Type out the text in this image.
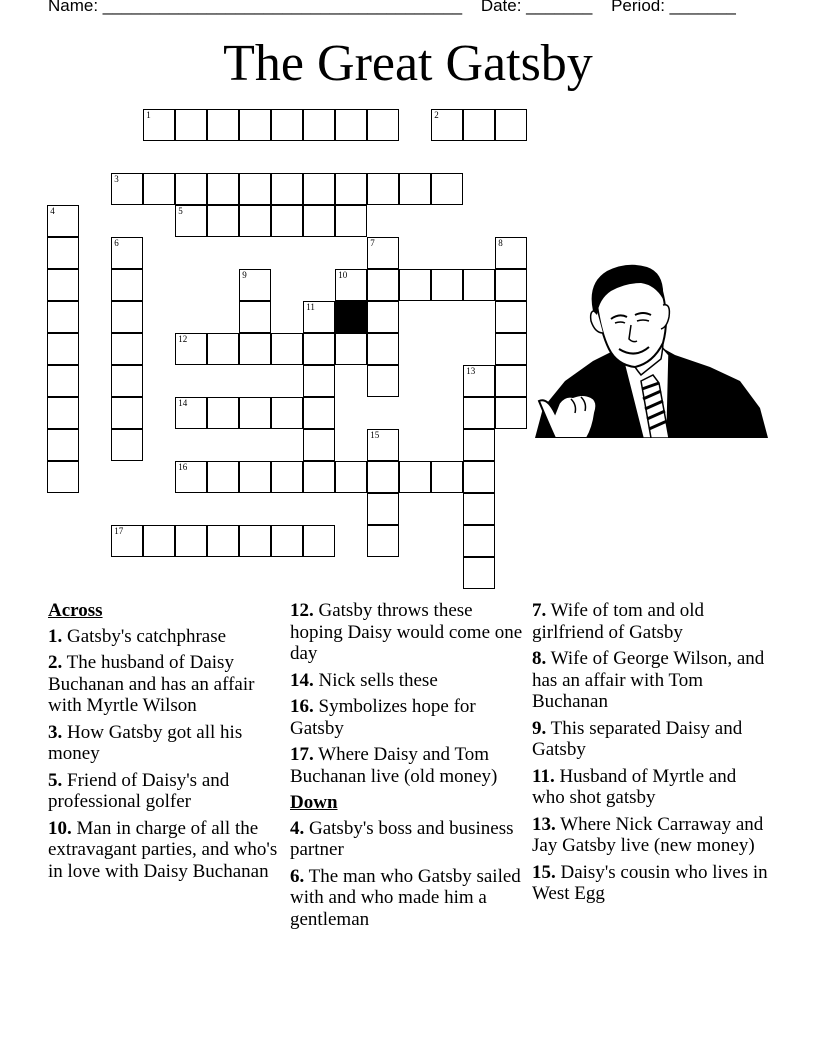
Name: ______________________________________ Date: _______ Period: _______
The Great Gatsby
1	2
3
4	5
6	7	8
9	10
11
12
13
14
15
16
17
Across
1. Gatsby's catchphrase
2. The husband of Daisy Buchanan and has an affair with Myrtle Wilson
3. How Gatsby got all his money
5. Friend of Daisy's and professional golfer
10. Man in charge of all the extravagant parties, and who's in love with Daisy Buchanan
12. Gatsby throws these hoping Daisy would come one day
14. Nick sells these
16. Symbolizes hope for Gatsby
17. Where Daisy and Tom Buchanan live (old money)
Down
4. Gatsby's boss and business partner
6. The man who Gatsby sailed with and who made him a gentleman
7. Wife of tom and old girlfriend of Gatsby
8. Wife of George Wilson, and has an affair with Tom Buchanan
9. This separated Daisy and Gatsby
11. Husband of Myrtle and who shot gatsby
13. Where Nick Carraway and Jay Gatsby live (new money)
15. Daisy's cousin who lives in West Egg
